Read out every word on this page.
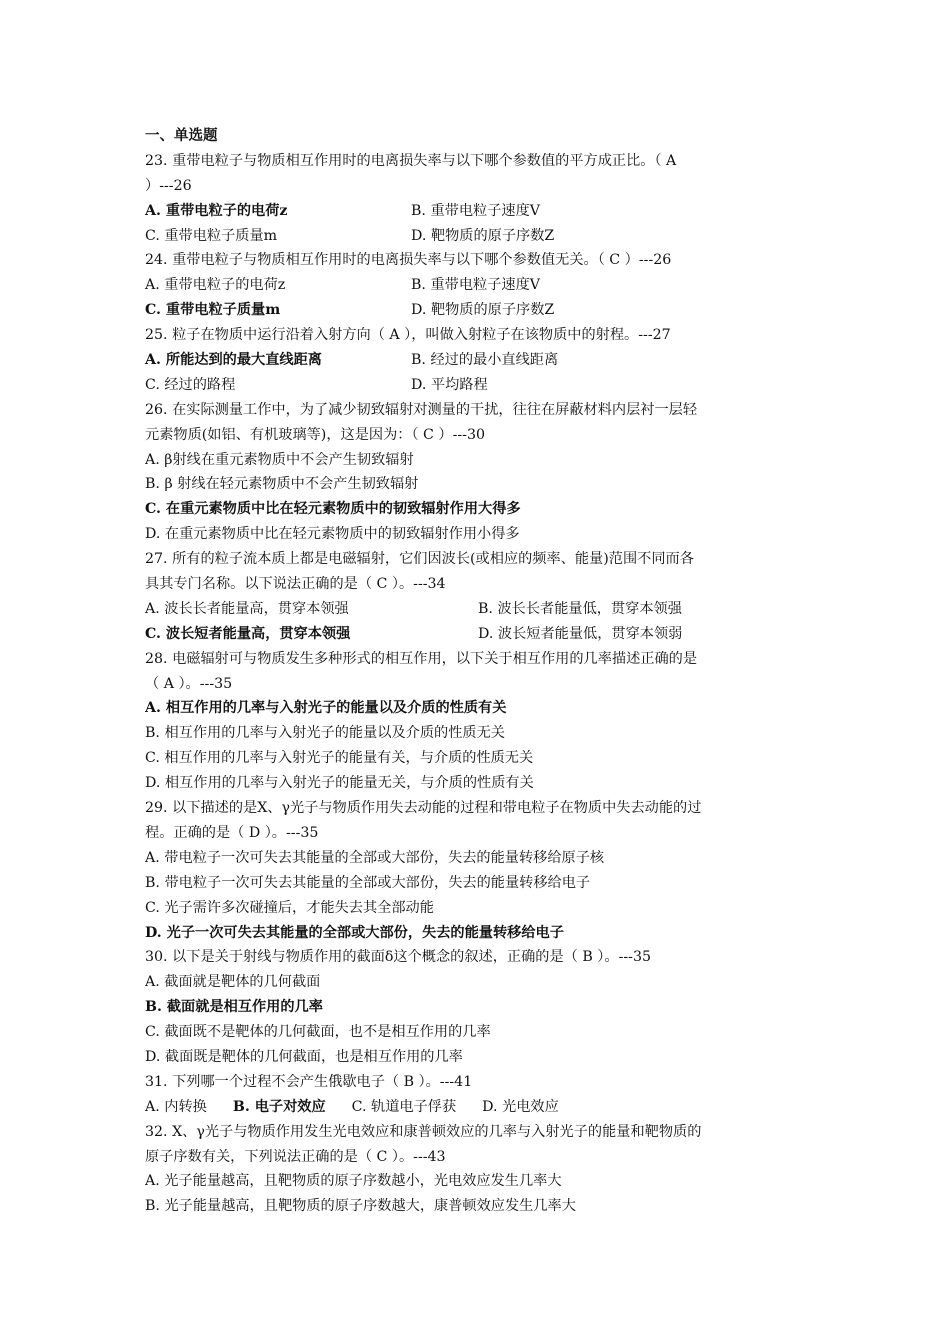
一、单选题
23. 重带电粒子与物质相互作用时的电离损失率与以下哪个参数值的平方成正比。（ A
）---26
A. 重带电粒子的电荷z	B. 重带电粒子速度V
C. 重带电粒子质量m	D. 靶物质的原子序数Z
24. 重带电粒子与物质相互作用时的电离损失率与以下哪个参数值无关。（ C ）---26
A. 重带电粒子的电荷z	B. 重带电粒子速度V
C. 重带电粒子质量m	D. 靶物质的原子序数Z
25. 粒子在物质中运行沿着入射方向（ A ），叫做入射粒子在该物质中的射程。---27
A. 所能达到的最大直线距离	B. 经过的最小直线距离
C. 经过的路程	D. 平均路程
26. 在实际测量工作中，为了减少韧致辐射对测量的干扰，往往在屏蔽材料内层衬一层轻
元素物质(如铝、有机玻璃等)，这是因为：（ C ）---30
A. β射线在重元素物质中不会产生韧致辐射
B. β 射线在轻元素物质中不会产生韧致辐射
C. 在重元素物质中比在轻元素物质中的韧致辐射作用大得多
D. 在重元素物质中比在轻元素物质中的韧致辐射作用小得多
27. 所有的粒子流本质上都是电磁辐射，它们因波长(或相应的频率、能量)范围不同而各
具其专门名称。以下说法正确的是（ C ）。---34
A. 波长长者能量高，贯穿本领强	B. 波长长者能量低，贯穿本领强
C. 波长短者能量高，贯穿本领强	D. 波长短者能量低，贯穿本领弱
28. 电磁辐射可与物质发生多种形式的相互作用，以下关于相互作用的几率描述正确的是
（ A ）。---35
A. 相互作用的几率与入射光子的能量以及介质的性质有关
B. 相互作用的几率与入射光子的能量以及介质的性质无关
C. 相互作用的几率与入射光子的能量有关，与介质的性质无关
D. 相互作用的几率与入射光子的能量无关，与介质的性质有关
29. 以下描述的是X、γ光子与物质作用失去动能的过程和带电粒子在物质中失去动能的过
程。正确的是（ D ）。---35
A. 带电粒子一次可失去其能量的全部或大部份，失去的能量转移给原子核
B. 带电粒子一次可失去其能量的全部或大部份，失去的能量转移给电子
C. 光子需许多次碰撞后，才能失去其全部动能
D. 光子一次可失去其能量的全部或大部份，失去的能量转移给电子
30. 以下是关于射线与物质作用的截面δ这个概念的叙述，正确的是（ B ）。---35
A. 截面就是靶体的几何截面
B. 截面就是相互作用的几率
C. 截面既不是靶体的几何截面，也不是相互作用的几率
D. 截面既是靶体的几何截面，也是相互作用的几率
31. 下列哪一个过程不会产生俄歇电子（ B ）。---41
A. 内转换 B. 电子对效应 C. 轨道电子俘获 D. 光电效应
32. X、γ光子与物质作用发生光电效应和康普顿效应的几率与入射光子的能量和靶物质的
原子序数有关，下列说法正确的是（ C ）。---43
A. 光子能量越高，且靶物质的原子序数越小，光电效应发生几率大
B. 光子能量越高，且靶物质的原子序数越大，康普顿效应发生几率大
